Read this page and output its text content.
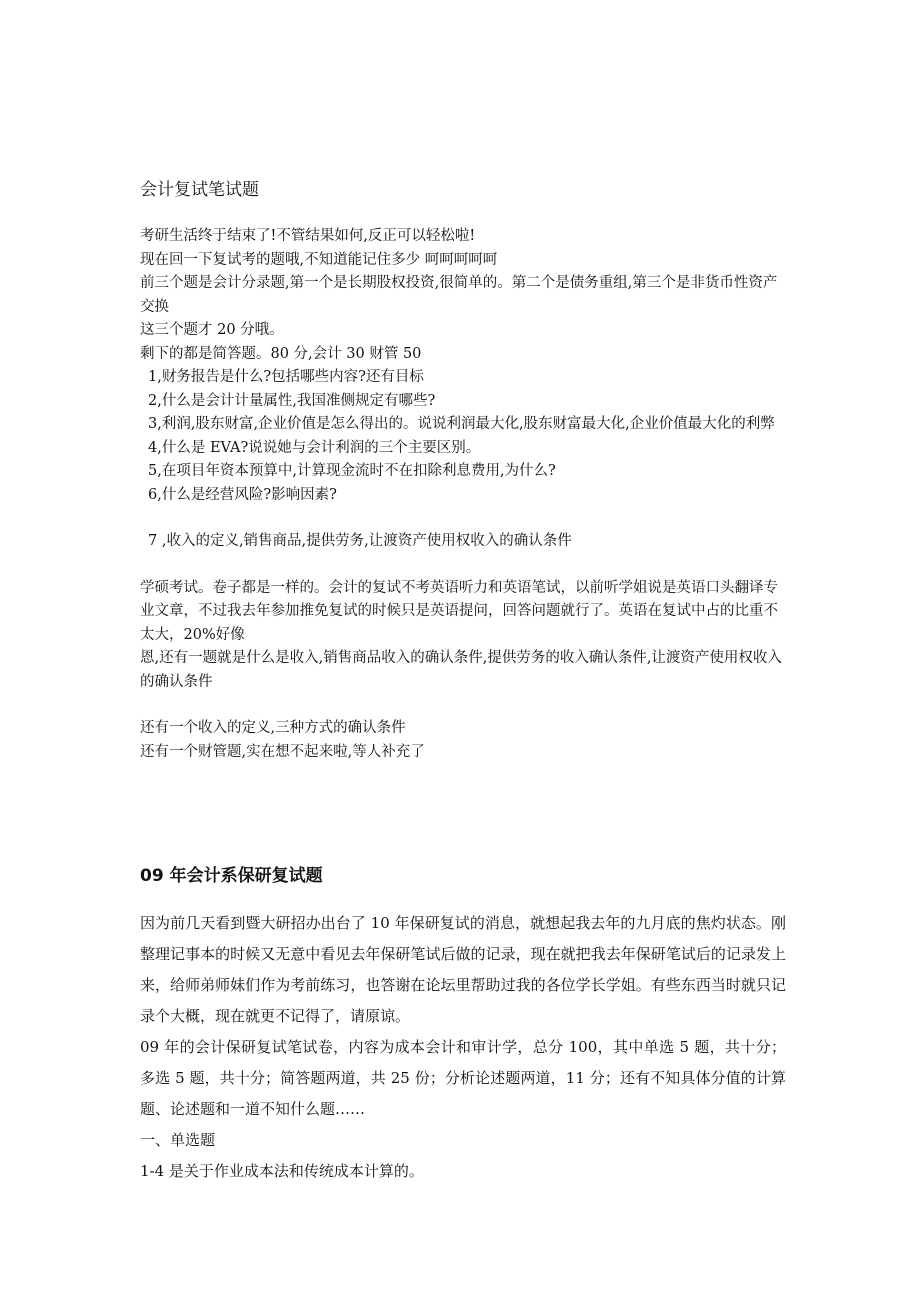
会计复试笔试题

考研生活终于结束了!不管结果如何,反正可以轻松啦!

现在回一下复试考的题哦,不知道能记住多少 呵呵呵呵呵

前三个题是会计分录题,第一个是长期股权投资,很简单的。第二个是债务重组,第三个是非货币性资产交换

这三个题才 20 分哦。

剩下的都是简答题。80 分,会计 30 财管 50

1,财务报告是什么?包括哪些内容?还有目标

2,什么是会计计量属性,我国准侧规定有哪些?

3,利润,股东财富,企业价值是怎么得出的。说说利润最大化,股东财富最大化,企业价值最大化的利弊

4,什么是 EVA?说说她与会计利润的三个主要区别。

5,在项目年资本预算中,计算现金流时不在扣除利息费用,为什么?

6,什么是经营风险?影响因素?

7 ,收入的定义,销售商品,提供劳务,让渡资产使用权收入的确认条件

学硕考试。卷子都是一样的。会计的复试不考英语听力和英语笔试，以前听学姐说是英语口头翻译专业文章，不过我去年参加推免复试的时候只是英语提问，回答问题就行了。英语在复试中占的比重不太大，20%好像

恩,还有一题就是什么是收入,销售商品收入的确认条件,提供劳务的收入确认条件,让渡资产使用权收入的确认条件

还有一个收入的定义,三种方式的确认条件

还有一个财管题,实在想不起来啦,等人补充了

09 年会计系保研复试题

因为前几天看到暨大研招办出台了 10 年保研复试的消息，就想起我去年的九月底的焦灼状态。刚整理记事本的时候又无意中看见去年保研笔试后做的记录，现在就把我去年保研笔试后的记录发上来，给师弟师妹们作为考前练习，也答谢在论坛里帮助过我的各位学长学姐。有些东西当时就只记录个大概，现在就更不记得了，请原谅。

09 年的会计保研复试笔试卷，内容为成本会计和审计学，总分 100，其中单选 5 题，共十分；多选 5 题，共十分；简答题两道，共 25 份；分析论述题两道，11 分；还有不知具体分值的计算题、论述题和一道不知什么题……

一、单选题

1-4 是关于作业成本法和传统成本计算的。
